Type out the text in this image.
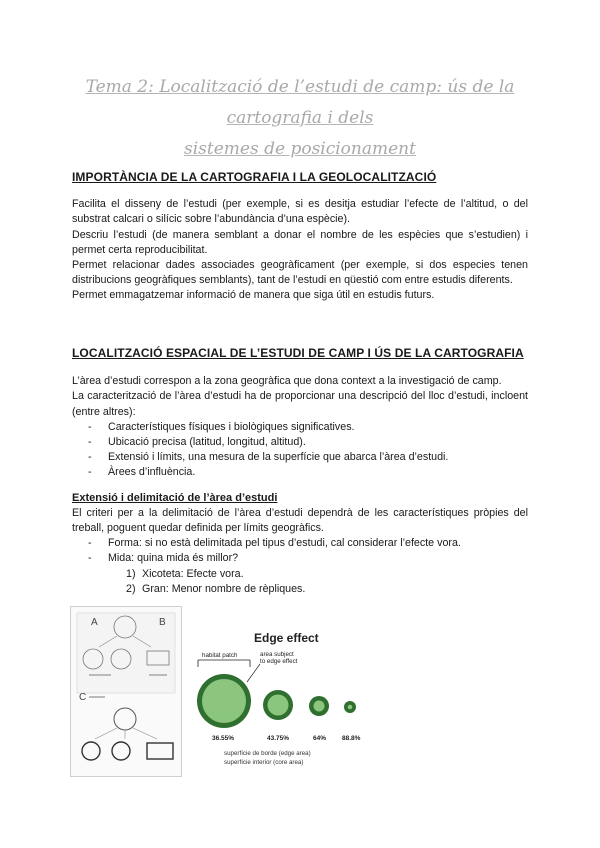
Tema 2: Localització de l’estudi de camp: ús de la cartografia i dels
sistemes de posicionament
IMPORTÀNCIA DE LA CARTOGRAFIA I LA GEOLOCALITZACIÓ

Facilita el disseny de l’estudi (per exemple, si es desitja estudiar l’efecte de l’altitud, o del substrat calcari o silícic sobre l’abundància d’una espècie).

Descriu l’estudi (de manera semblant a donar el nombre de les espècies que s’estudien) i permet certa reproducibilitat.

Permet relacionar dades associades geogràficament (per exemple, si dos especies tenen distribucions geogràfiques semblants), tant de l’estudi en qüestió com entre estudis diferents.

Permet emmagatzemar informació de manera que siga útil en estudis futurs.

LOCALITZACIÓ ESPACIAL DE L’ESTUDI DE CAMP I ÚS DE LA CARTOGRAFIA

L’àrea d’estudi correspon a la zona geogràfica que dona context a la investigació de camp.

La caracterització de l’àrea d’estudi ha de proporcionar una descripció del lloc d’estudi, incloent (entre altres):

- Característiques físiques i biològiques significatives.
- Ubicació precisa (latitud, longitud, altitud).
- Extensió i límits, una mesura de la superfície que abarca l’àrea d’estudi.
- Àrees d’influència.
Extensió i delimitació de l’àrea d’estudi

El criteri per a la delimitació de l’àrea d’estudi dependrà de les característiques pròpies del treball, poguent quedar definida per límits geogràfics.

- Forma: si no està delimitada pel tipus d’estudi, cal considerar l’efecte vora.
- Mida: quina mida és millor?
1) Xicoteta: Efecte vora.
2) Gran: Menor nombre de rèpliques.
A	B
C
Edge effect
habitat patch	area subject
to edge effect
36.55%	43.75%	64% 88.8%
superfície de borde (edge area)
superfície interior (core area)
